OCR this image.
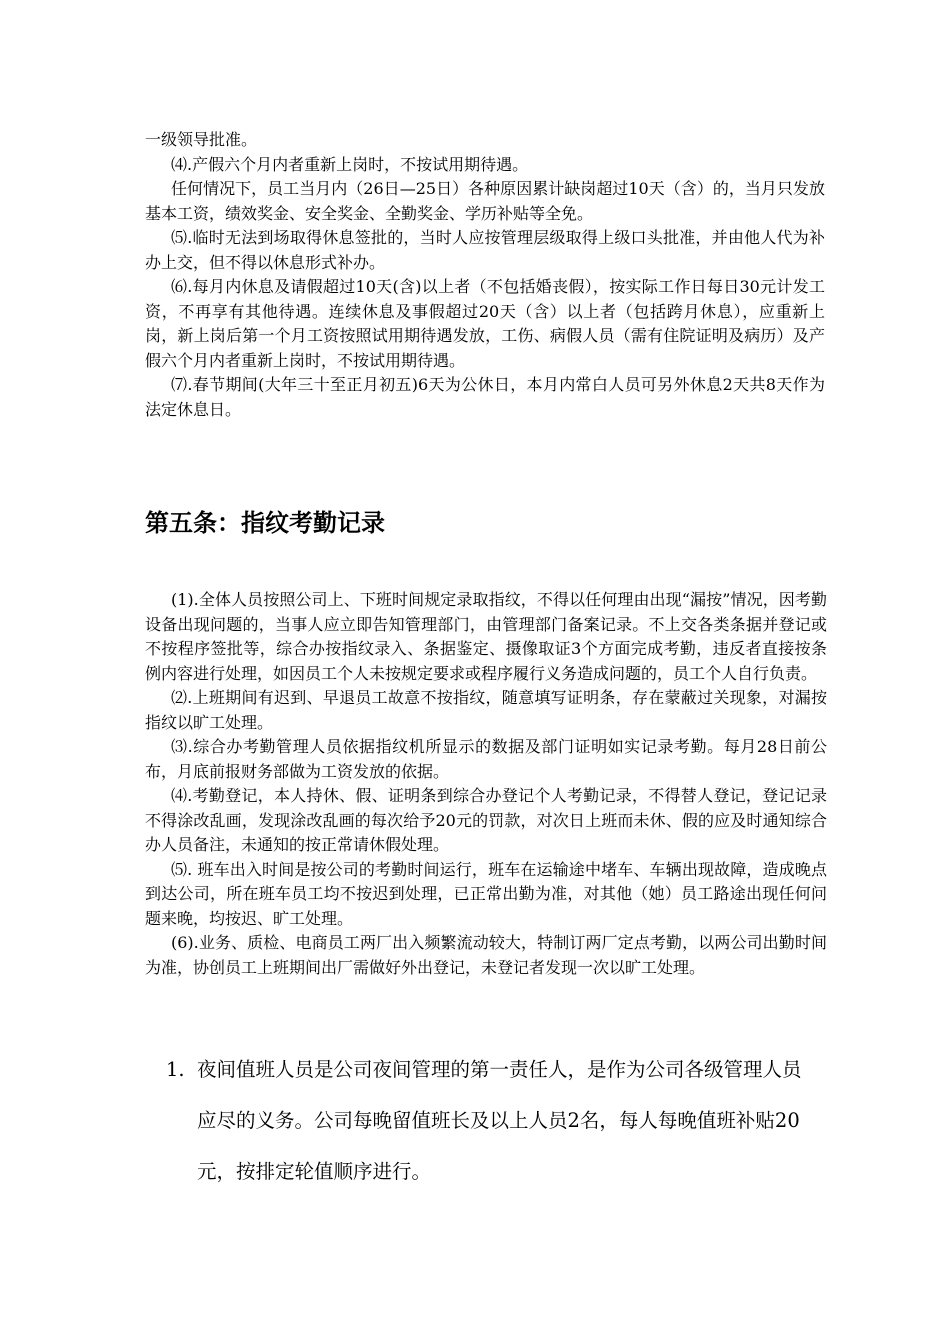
一级领导批准。

⑷.产假六个月内者重新上岗时，不按试用期待遇。

任何情况下，员工当月内（26日—25日）各种原因累计缺岗超过10天（含）的，当月只发放基本工资，绩效奖金、安全奖金、全勤奖金、学历补贴等全免。

⑸.临时无法到场取得休息签批的，当时人应按管理层级取得上级口头批准，并由他人代为补办上交，但不得以休息形式补办。

⑹.每月内休息及请假超过10天(含)以上者（不包括婚丧假），按实际工作日每日30元计发工资，不再享有其他待遇。连续休息及事假超过20天（含）以上者（包括跨月休息），应重新上岗，新上岗后第一个月工资按照试用期待遇发放，工伤、病假人员（需有住院证明及病历）及产假六个月内者重新上岗时，不按试用期待遇。

⑺.春节期间(大年三十至正月初五)6天为公休日，本月内常白人员可另外休息2天共8天作为法定休息日。

第五条：指纹考勤记录

(1).全体人员按照公司上、下班时间规定录取指纹，不得以任何理由出现“漏按”情况，因考勤设备出现问题的，当事人应立即告知管理部门，由管理部门备案记录。不上交各类条据并登记或不按程序签批等，综合办按指纹录入、条据鉴定、摄像取证3个方面完成考勤，违反者直接按条例内容进行处理，如因员工个人未按规定要求或程序履行义务造成问题的，员工个人自行负责。

⑵.上班期间有迟到、早退员工故意不按指纹，随意填写证明条，存在蒙蔽过关现象，对漏按指纹以旷工处理。

⑶.综合办考勤管理人员依据指纹机所显示的数据及部门证明如实记录考勤。每月28日前公布，月底前报财务部做为工资发放的依据。

⑷.考勤登记，本人持休、假、证明条到综合办登记个人考勤记录，不得替人登记，登记记录不得涂改乱画，发现涂改乱画的每次给予20元的罚款，对次日上班而未休、假的应及时通知综合办人员备注，未通知的按正常请休假处理。

⑸. 班车出入时间是按公司的考勤时间运行，班车在运输途中堵车、车辆出现故障，造成晚点到达公司，所在班车员工均不按迟到处理，已正常出勤为准，对其他（她）员工路途出现任何问题来晚，均按迟、旷工处理。

(6).业务、质检、电商员工两厂出入频繁流动较大，特制订两厂定点考勤，以两公司出勤时间为准，协创员工上班期间出厂需做好外出登记，未登记者发现一次以旷工处理。

1. 夜间值班人员是公司夜间管理的第一责任人，是作为公司各级管理人员应尽的义务。公司每晚留值班长及以上人员2名，每人每晚值班补贴20元，按排定轮值顺序进行。
